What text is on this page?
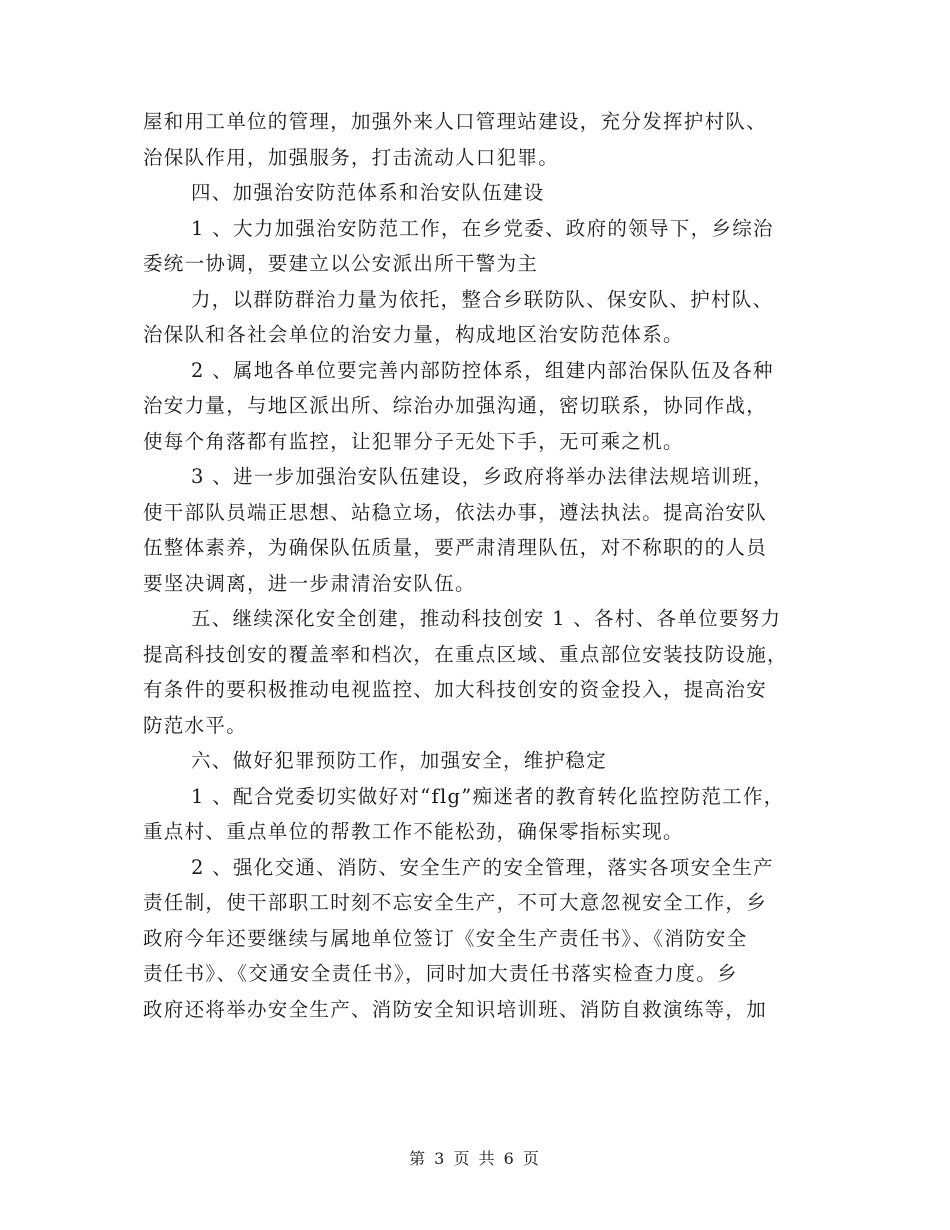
屋和用工单位的管理，加强外来人口管理站建设，充分发挥护村队、
治保队作用，加强服务，打击流动人口犯罪。
四、加强治安防范体系和治安队伍建设
1 、大力加强治安防范工作，在乡党委、政府的领导下，乡综治
委统一协调，要建立以公安派出所干警为主
力，以群防群治力量为依托，整合乡联防队、保安队、护村队、
治保队和各社会单位的治安力量，构成地区治安防范体系。
2 、属地各单位要完善内部防控体系，组建内部治保队伍及各种
治安力量，与地区派出所、综治办加强沟通，密切联系，协同作战，
使每个角落都有监控，让犯罪分子无处下手，无可乘之机。
3 、进一步加强治安队伍建设，乡政府将举办法律法规培训班，
使干部队员端正思想、站稳立场，依法办事，遵法执法。提高治安队
伍整体素养，为确保队伍质量，要严肃清理队伍，对不称职的的人员
要坚决调离，进一步肃清治安队伍。
五、继续深化安全创建，推动科技创安 1 、各村、各单位要努力
提高科技创安的覆盖率和档次，在重点区域、重点部位安装技防设施，
有条件的要积极推动电视监控、加大科技创安的资金投入，提高治安
防范水平。
六、做好犯罪预防工作，加强安全，维护稳定
1 、配合党委切实做好对“flg”痴迷者的教育转化监控防范工作，
重点村、重点单位的帮教工作不能松劲，确保零指标实现。
2 、强化交通、消防、安全生产的安全管理，落实各项安全生产
责任制，使干部职工时刻不忘安全生产，不可大意忽视安全工作，乡
政府今年还要继续与属地单位签订《安全生产责任书》、《消防安全
责任书》、《交通安全责任书》，同时加大责任书落实检查力度。乡
政府还将举办安全生产、消防安全知识培训班、消防自救演练等，加
第 3 页 共 6 页
